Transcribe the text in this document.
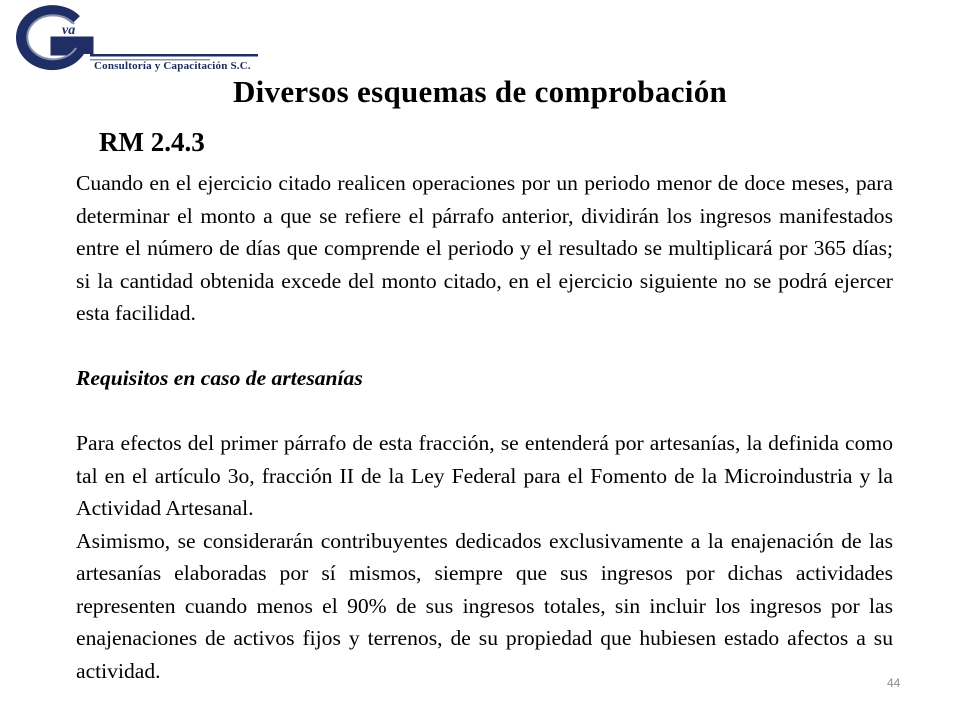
va
Consultoría y Capacitación S.C.
Diversos esquemas de comprobación
RM 2.4.3

Cuando en el ejercicio citado realicen operaciones por un periodo menor de doce meses, para determinar el monto a que se refiere el párrafo anterior, dividirán los ingresos manifestados entre el número de días que comprende el periodo y el resultado se multiplicará por 365 días; si la cantidad obtenida excede del monto citado, en el ejercicio siguiente no se podrá ejercer esta facilidad.

Requisitos en caso de artesanías

Para efectos del primer párrafo de esta fracción, se entenderá por artesanías, la definida como tal en el artículo 3o, fracción II de la Ley Federal para el Fomento de la Microindustria y la Actividad Artesanal.

Asimismo, se considerarán contribuyentes dedicados exclusivamente a la enajenación de las artesanías elaboradas por sí mismos, siempre que sus ingresos por dichas actividades representen cuando menos el 90% de sus ingresos totales, sin incluir los ingresos por las enajenaciones de activos fijos y terrenos, de su propiedad que hubiesen estado afectos a su actividad.

44
